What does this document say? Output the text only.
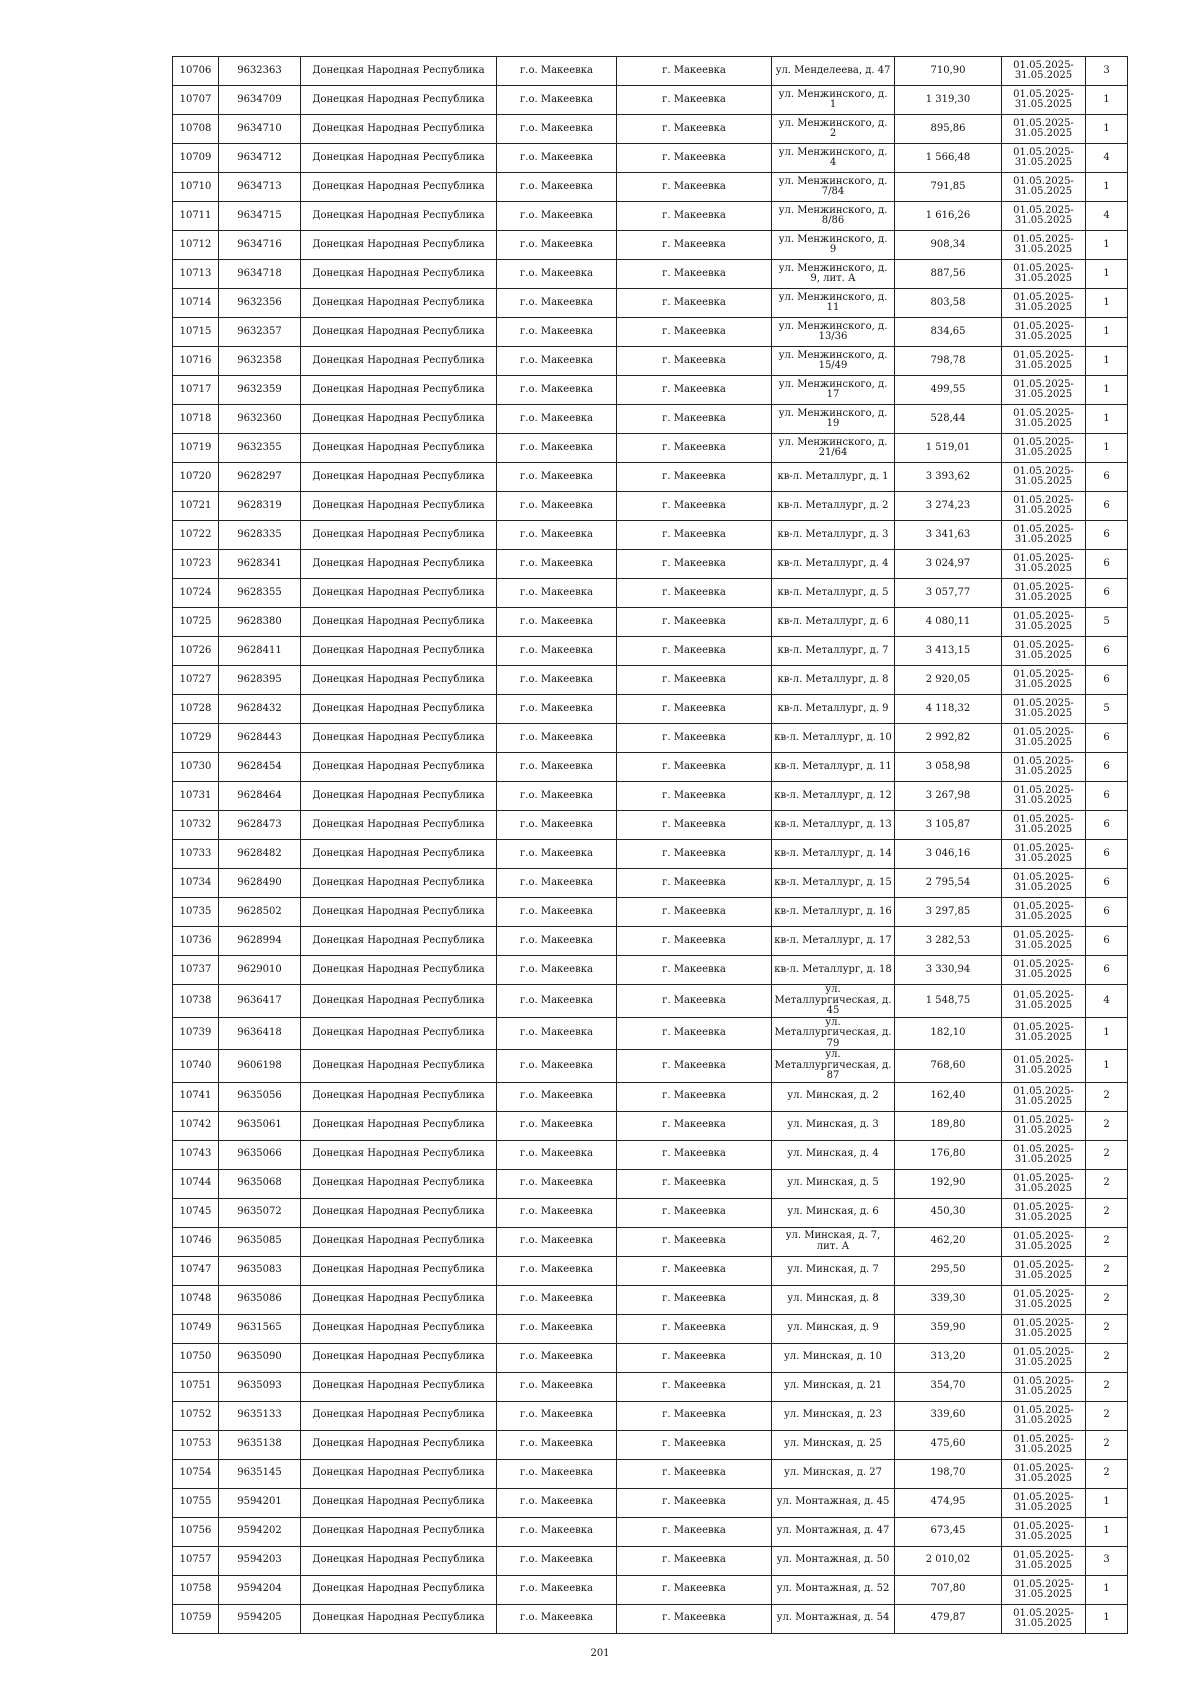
10706	9632363	Донецкая Народная Республика	г.о. Макеевка	г. Макеевка	ул. Менделеева, д. 47	710,90	01.05.2025- 31.05.2025	3
10707	9634709	Донецкая Народная Республика	г.о. Макеевка	г. Макеевка	ул. Менжинского, д. 1	1 319,30	01.05.2025- 31.05.2025	1
10708	9634710	Донецкая Народная Республика	г.о. Макеевка	г. Макеевка	ул. Менжинского, д. 2	895,86	01.05.2025- 31.05.2025	1
10709	9634712	Донецкая Народная Республика	г.о. Макеевка	г. Макеевка	ул. Менжинского, д. 4	1 566,48	01.05.2025- 31.05.2025	4
10710	9634713	Донецкая Народная Республика	г.о. Макеевка	г. Макеевка	ул. Менжинского, д. 7/84	791,85	01.05.2025- 31.05.2025	1
10711	9634715	Донецкая Народная Республика	г.о. Макеевка	г. Макеевка	ул. Менжинского, д. 8/86	1 616,26	01.05.2025- 31.05.2025	4
10712	9634716	Донецкая Народная Республика	г.о. Макеевка	г. Макеевка	ул. Менжинского, д. 9	908,34	01.05.2025- 31.05.2025	1
10713	9634718	Донецкая Народная Республика	г.о. Макеевка	г. Макеевка	ул. Менжинского, д. 9, лит. А	887,56	01.05.2025- 31.05.2025	1
10714	9632356	Донецкая Народная Республика	г.о. Макеевка	г. Макеевка	ул. Менжинского, д. 11	803,58	01.05.2025- 31.05.2025	1
10715	9632357	Донецкая Народная Республика	г.о. Макеевка	г. Макеевка	ул. Менжинского, д. 13/36	834,65	01.05.2025- 31.05.2025	1
10716	9632358	Донецкая Народная Республика	г.о. Макеевка	г. Макеевка	ул. Менжинского, д. 15/49	798,78	01.05.2025- 31.05.2025	1
10717	9632359	Донецкая Народная Республика	г.о. Макеевка	г. Макеевка	ул. Менжинского, д. 17	499,55	01.05.2025- 31.05.2025	1
10718	9632360	Донецкая Народная Республика	г.о. Макеевка	г. Макеевка	ул. Менжинского, д. 19	528,44	01.05.2025- 31.05.2025	1
10719	9632355	Донецкая Народная Республика	г.о. Макеевка	г. Макеевка	ул. Менжинского, д. 21/64	1 519,01	01.05.2025- 31.05.2025	1
10720	9628297	Донецкая Народная Республика	г.о. Макеевка	г. Макеевка	кв-л. Металлург, д. 1	3 393,62	01.05.2025- 31.05.2025	6
10721	9628319	Донецкая Народная Республика	г.о. Макеевка	г. Макеевка	кв-л. Металлург, д. 2	3 274,23	01.05.2025- 31.05.2025	6
10722	9628335	Донецкая Народная Республика	г.о. Макеевка	г. Макеевка	кв-л. Металлург, д. 3	3 341,63	01.05.2025- 31.05.2025	6
10723	9628341	Донецкая Народная Республика	г.о. Макеевка	г. Макеевка	кв-л. Металлург, д. 4	3 024,97	01.05.2025- 31.05.2025	6
10724	9628355	Донецкая Народная Республика	г.о. Макеевка	г. Макеевка	кв-л. Металлург, д. 5	3 057,77	01.05.2025- 31.05.2025	6
10725	9628380	Донецкая Народная Республика	г.о. Макеевка	г. Макеевка	кв-л. Металлург, д. 6	4 080,11	01.05.2025- 31.05.2025	5
10726	9628411	Донецкая Народная Республика	г.о. Макеевка	г. Макеевка	кв-л. Металлург, д. 7	3 413,15	01.05.2025- 31.05.2025	6
10727	9628395	Донецкая Народная Республика	г.о. Макеевка	г. Макеевка	кв-л. Металлург, д. 8	2 920,05	01.05.2025- 31.05.2025	6
10728	9628432	Донецкая Народная Республика	г.о. Макеевка	г. Макеевка	кв-л. Металлург, д. 9	4 118,32	01.05.2025- 31.05.2025	5
10729	9628443	Донецкая Народная Республика	г.о. Макеевка	г. Макеевка	кв-л. Металлург, д. 10	2 992,82	01.05.2025- 31.05.2025	6
10730	9628454	Донецкая Народная Республика	г.о. Макеевка	г. Макеевка	кв-л. Металлург, д. 11	3 058,98	01.05.2025- 31.05.2025	6
10731	9628464	Донецкая Народная Республика	г.о. Макеевка	г. Макеевка	кв-л. Металлург, д. 12	3 267,98	01.05.2025- 31.05.2025	6
10732	9628473	Донецкая Народная Республика	г.о. Макеевка	г. Макеевка	кв-л. Металлург, д. 13	3 105,87	01.05.2025- 31.05.2025	6
10733	9628482	Донецкая Народная Республика	г.о. Макеевка	г. Макеевка	кв-л. Металлург, д. 14	3 046,16	01.05.2025- 31.05.2025	6
10734	9628490	Донецкая Народная Республика	г.о. Макеевка	г. Макеевка	кв-л. Металлург, д. 15	2 795,54	01.05.2025- 31.05.2025	6
10735	9628502	Донецкая Народная Республика	г.о. Макеевка	г. Макеевка	кв-л. Металлург, д. 16	3 297,85	01.05.2025- 31.05.2025	6
10736	9628994	Донецкая Народная Республика	г.о. Макеевка	г. Макеевка	кв-л. Металлург, д. 17	3 282,53	01.05.2025- 31.05.2025	6
10737	9629010	Донецкая Народная Республика	г.о. Макеевка	г. Макеевка	кв-л. Металлург, д. 18	3 330,94	01.05.2025- 31.05.2025	6
10738	9636417	Донецкая Народная Республика	г.о. Макеевка	г. Макеевка	ул. Металлургическая, д. 45	1 548,75	01.05.2025- 31.05.2025	4
10739	9636418	Донецкая Народная Республика	г.о. Макеевка	г. Макеевка	ул. Металлургическая, д. 79	182,10	01.05.2025- 31.05.2025	1
10740	9606198	Донецкая Народная Республика	г.о. Макеевка	г. Макеевка	ул. Металлургическая, д. 87	768,60	01.05.2025- 31.05.2025	1
10741	9635056	Донецкая Народная Республика	г.о. Макеевка	г. Макеевка	ул. Минская, д. 2	162,40	01.05.2025- 31.05.2025	2
10742	9635061	Донецкая Народная Республика	г.о. Макеевка	г. Макеевка	ул. Минская, д. 3	189,80	01.05.2025- 31.05.2025	2
10743	9635066	Донецкая Народная Республика	г.о. Макеевка	г. Макеевка	ул. Минская, д. 4	176,80	01.05.2025- 31.05.2025	2
10744	9635068	Донецкая Народная Республика	г.о. Макеевка	г. Макеевка	ул. Минская, д. 5	192,90	01.05.2025- 31.05.2025	2
10745	9635072	Донецкая Народная Республика	г.о. Макеевка	г. Макеевка	ул. Минская, д. 6	450,30	01.05.2025- 31.05.2025	2
10746	9635085	Донецкая Народная Республика	г.о. Макеевка	г. Макеевка	ул. Минская, д. 7, лит. А	462,20	01.05.2025- 31.05.2025	2
10747	9635083	Донецкая Народная Республика	г.о. Макеевка	г. Макеевка	ул. Минская, д. 7	295,50	01.05.2025- 31.05.2025	2
10748	9635086	Донецкая Народная Республика	г.о. Макеевка	г. Макеевка	ул. Минская, д. 8	339,30	01.05.2025- 31.05.2025	2
10749	9631565	Донецкая Народная Республика	г.о. Макеевка	г. Макеевка	ул. Минская, д. 9	359,90	01.05.2025- 31.05.2025	2
10750	9635090	Донецкая Народная Республика	г.о. Макеевка	г. Макеевка	ул. Минская, д. 10	313,20	01.05.2025- 31.05.2025	2
10751	9635093	Донецкая Народная Республика	г.о. Макеевка	г. Макеевка	ул. Минская, д. 21	354,70	01.05.2025- 31.05.2025	2
10752	9635133	Донецкая Народная Республика	г.о. Макеевка	г. Макеевка	ул. Минская, д. 23	339,60	01.05.2025- 31.05.2025	2
10753	9635138	Донецкая Народная Республика	г.о. Макеевка	г. Макеевка	ул. Минская, д. 25	475,60	01.05.2025- 31.05.2025	2
10754	9635145	Донецкая Народная Республика	г.о. Макеевка	г. Макеевка	ул. Минская, д. 27	198,70	01.05.2025- 31.05.2025	2
10755	9594201	Донецкая Народная Республика	г.о. Макеевка	г. Макеевка	ул. Монтажная, д. 45	474,95	01.05.2025- 31.05.2025	1
10756	9594202	Донецкая Народная Республика	г.о. Макеевка	г. Макеевка	ул. Монтажная, д. 47	673,45	01.05.2025- 31.05.2025	1
10757	9594203	Донецкая Народная Республика	г.о. Макеевка	г. Макеевка	ул. Монтажная, д. 50	2 010,02	01.05.2025- 31.05.2025	3
10758	9594204	Донецкая Народная Республика	г.о. Макеевка	г. Макеевка	ул. Монтажная, д. 52	707,80	01.05.2025- 31.05.2025	1
10759	9594205	Донецкая Народная Республика	г.о. Макеевка	г. Макеевка	ул. Монтажная, д. 54	479,87	01.05.2025- 31.05.2025	1
201
